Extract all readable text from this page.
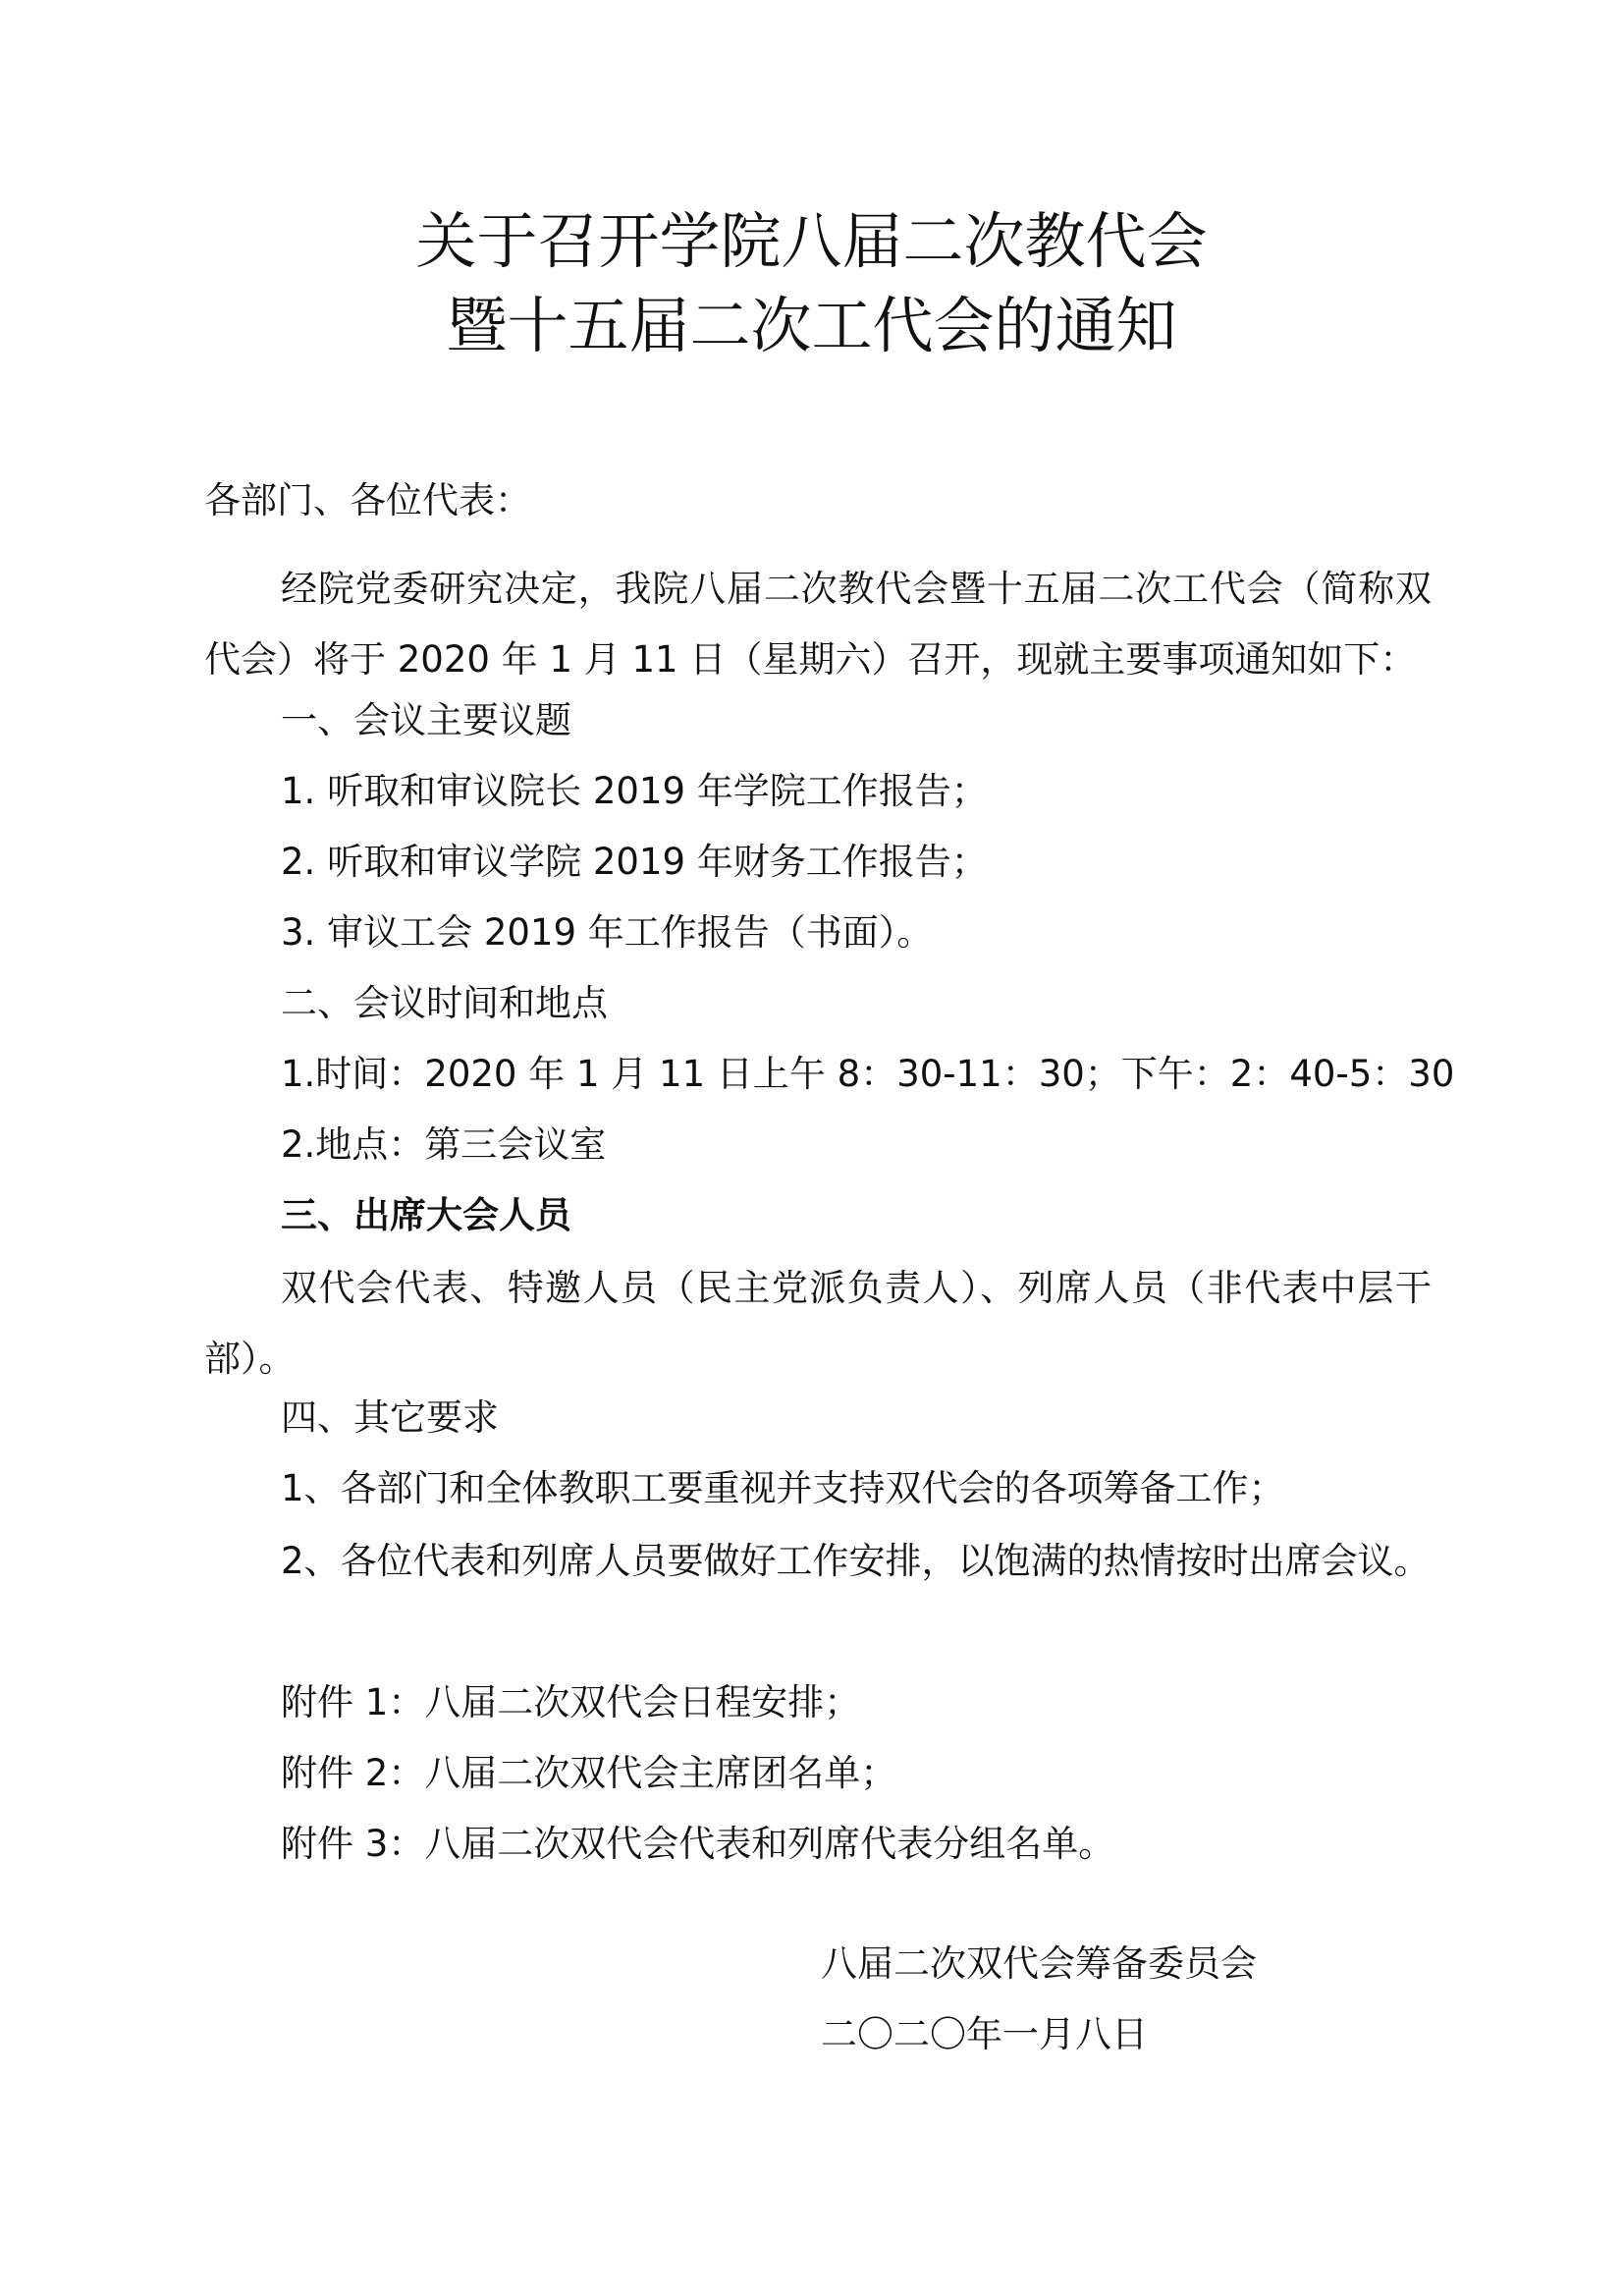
关于召开学院八届二次教代会
暨十五届二次工代会的通知
各部门、各位代表：
经院党委研究决定，我院八届二次教代会暨十五届二次工代会（简称双代会）将于 2020 年 1 月 11 日（星期六）召开，现就主要事项通知如下：
一、会议主要议题
1. 听取和审议院长 2019 年学院工作报告；
2. 听取和审议学院 2019 年财务工作报告；
3. 审议工会 2019 年工作报告（书面）。
二、会议时间和地点
1.时间：2020 年 1 月 11 日上午 8：30-11：30；下午：2：40-5：30
2.地点：第三会议室
三、出席大会人员
双代会代表、特邀人员（民主党派负责人）、列席人员（非代表中层干部）。
四、其它要求
1、各部门和全体教职工要重视并支持双代会的各项筹备工作；
2、各位代表和列席人员要做好工作安排，以饱满的热情按时出席会议。
附件 1：八届二次双代会日程安排；
附件 2：八届二次双代会主席团名单；
附件 3：八届二次双代会代表和列席代表分组名单。
八届二次双代会筹备委员会
二〇二〇年一月八日
